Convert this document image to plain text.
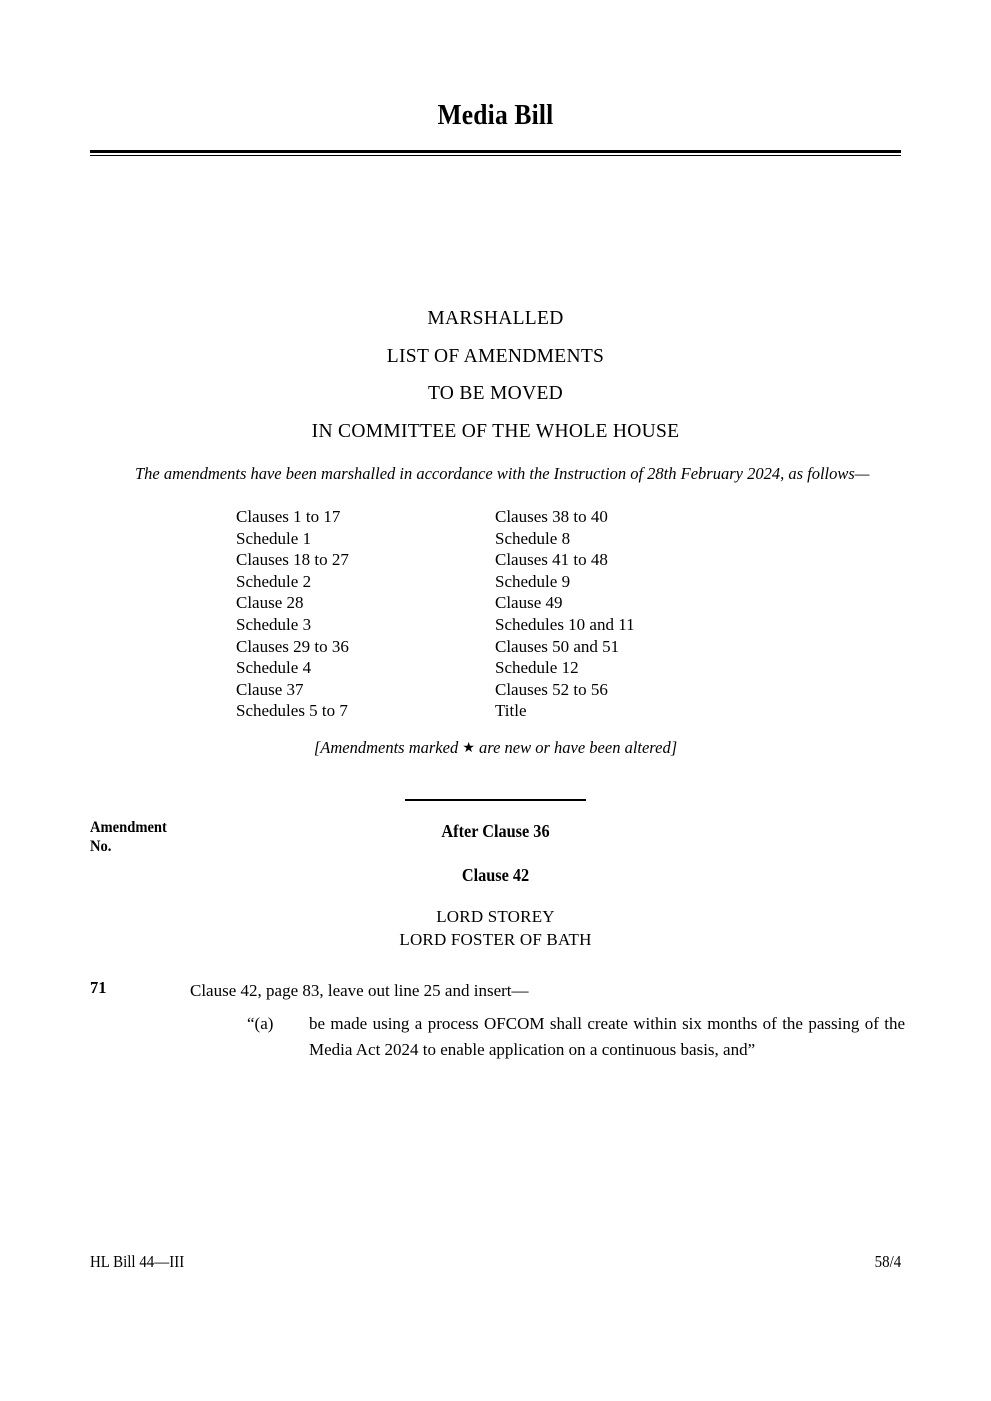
Media Bill
MARSHALLED
LIST OF AMENDMENTS
TO BE MOVED
IN COMMITTEE OF THE WHOLE HOUSE
The amendments have been marshalled in accordance with the Instruction of 28th February 2024, as follows—
Clauses 1 to 17
Schedule 1
Clauses 18 to 27
Schedule 2
Clause 28
Schedule 3
Clauses 29 to 36
Schedule 4
Clause 37
Schedules 5 to 7
Clauses 38 to 40
Schedule 8
Clauses 41 to 48
Schedule 9
Clause 49
Schedules 10 and 11
Clauses 50 and 51
Schedule 12
Clauses 52 to 56
Title
[Amendments marked ★ are new or have been altered]
Amendment
No.
After Clause 36
Clause 42
LORD STOREY
LORD FOSTER OF BATH
71	Clause 42, page 83, leave out line 25 and insert—
“(a) be made using a process OFCOM shall create within six months of the passing of the Media Act 2024 to enable application on a continuous basis, and”
HL Bill 44—III	58/4
